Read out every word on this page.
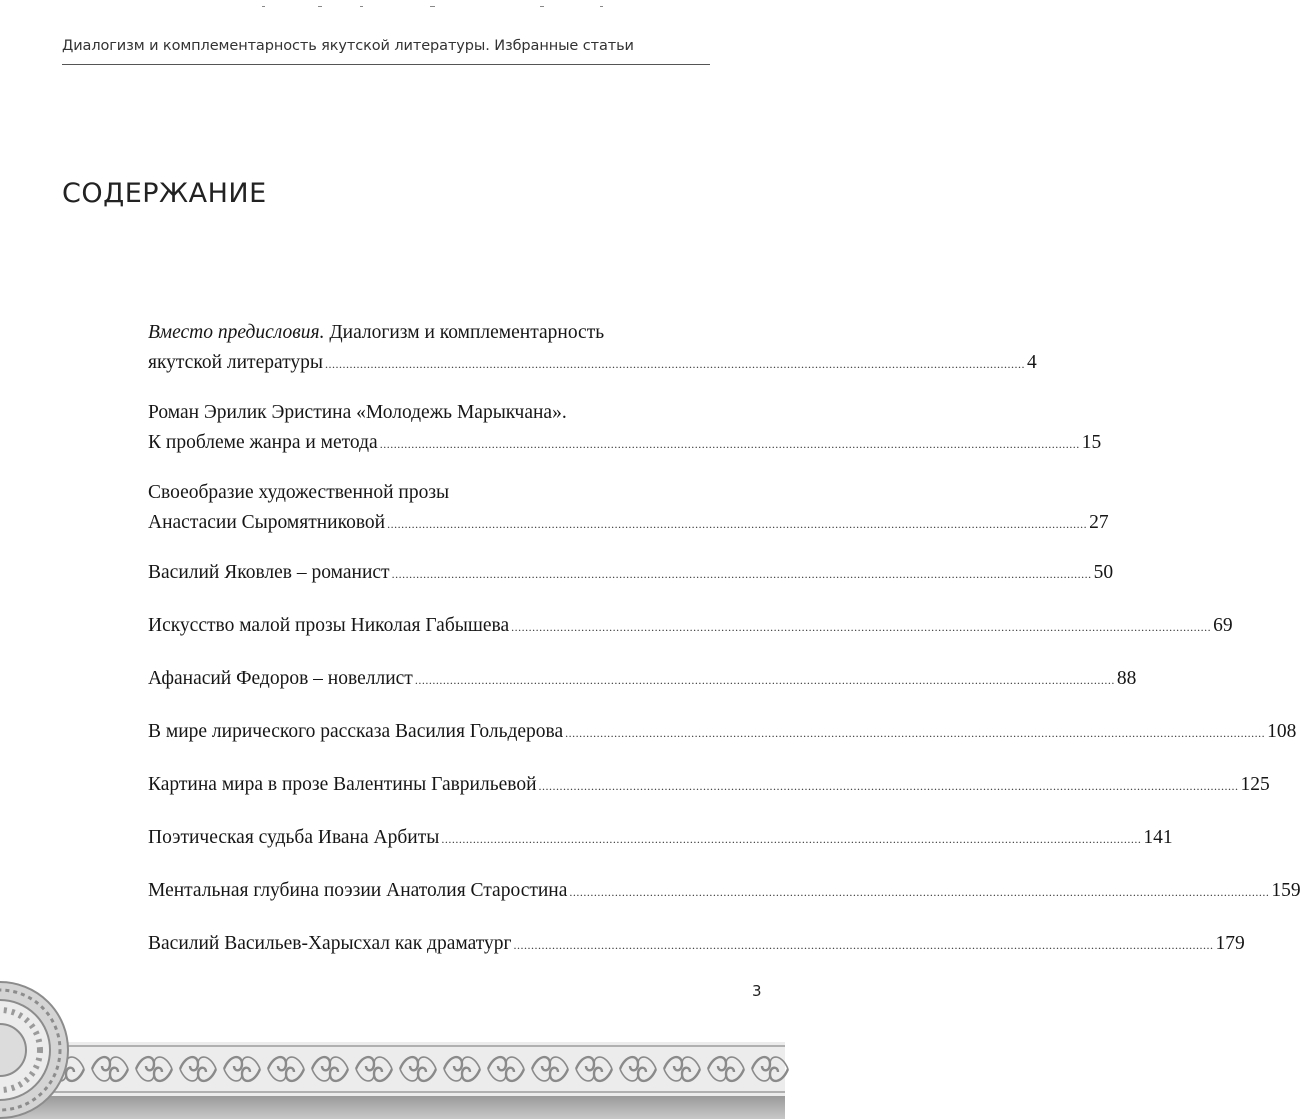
Диалогизм и комплементарность якутской литературы. Избранные статьи
СОДЕРЖАНИЕ
Вместо предисловия. Диалогизм и комплементарность
якутской литературы ........................................................................................................................................................................................................ 4
Роман Эрилик Эристина «Молодежь Марыкчана».
К проблеме жанра и метода ........................................................................................................................................................................................................ 15
Своеобразие художественной прозы
Анастасии Сыромятниковой ........................................................................................................................................................................................................ 27
Василий Яковлев – романист ........................................................................................................................................................................................................ 50
Искусство малой прозы Николая Габышева ........................................................................................................................................................................................................ 69
Афанасий Федоров – новеллист ........................................................................................................................................................................................................ 88
В мире лирического рассказа Василия Гольдерова ........................................................................................................................................................................................................ 108
Картина мира в прозе Валентины Гаврильевой ........................................................................................................................................................................................................ 125
Поэтическая судьба Ивана Арбиты ........................................................................................................................................................................................................ 141
Ментальная глубина поэзии Анатолия Старостина ........................................................................................................................................................................................................ 159
Василий Васильев-Харысхал как драматург ........................................................................................................................................................................................................ 179
3
